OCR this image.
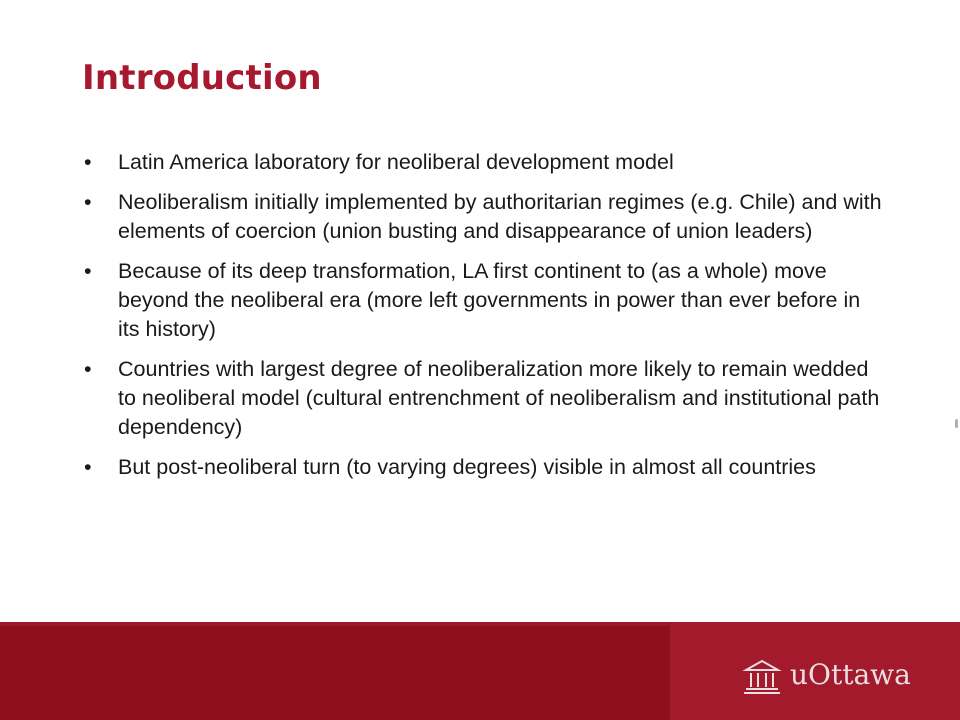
Introduction
• Latin America laboratory for neoliberal development model
• Neoliberalism initially implemented by authoritarian regimes (e.g. Chile) and with elements of coercion (union busting and disappearance of union leaders)
• Because of its deep transformation, LA first continent to (as a whole) move beyond the neoliberal era (more left governments in power than ever before in its history)
• Countries with largest degree of neoliberalization more likely to remain wedded to neoliberal model (cultural entrenchment of neoliberalism and institutional path dependency)
• But post-neoliberal turn (to varying degrees) visible in almost all countries
uOttawa
